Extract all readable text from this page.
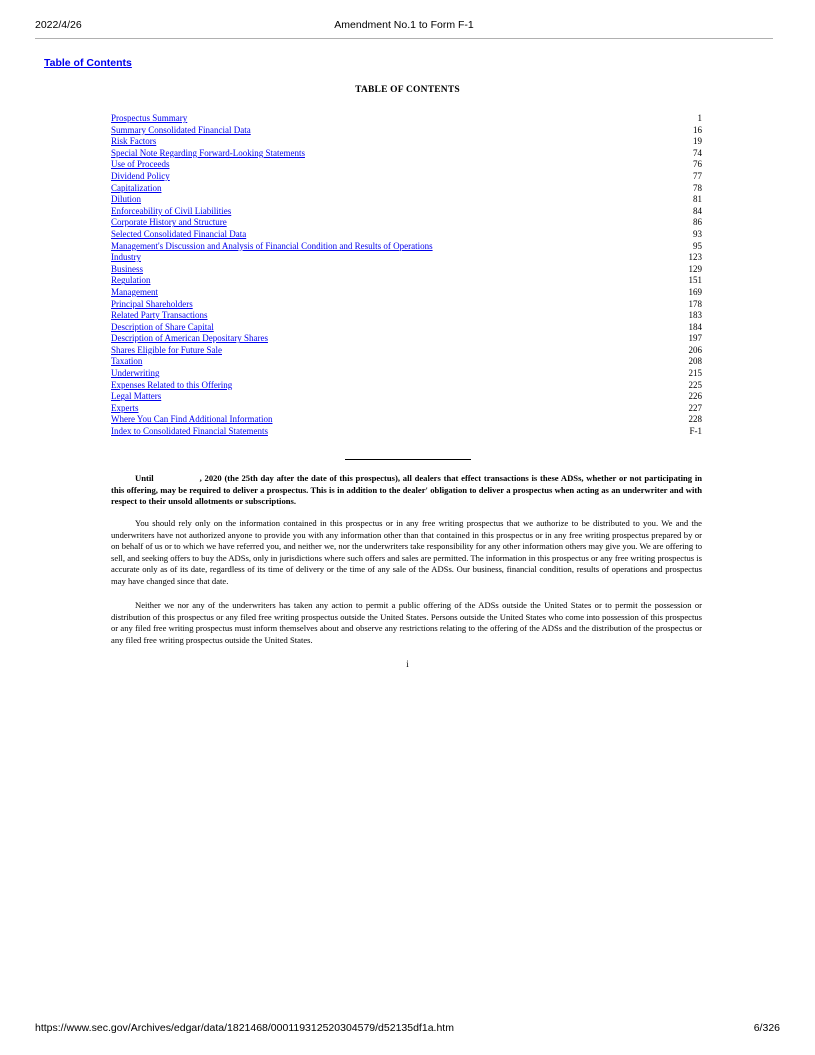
2022/4/26	Amendment No.1 to Form F-1
Table of Contents
TABLE OF CONTENTS
Prospectus Summary	1
Summary Consolidated Financial Data	16
Risk Factors	19
Special Note Regarding Forward-Looking Statements	74
Use of Proceeds	76
Dividend Policy	77
Capitalization	78
Dilution	81
Enforceability of Civil Liabilities	84
Corporate History and Structure	86
Selected Consolidated Financial Data	93
Management's Discussion and Analysis of Financial Condition and Results of Operations	95
Industry	123
Business	129
Regulation	151
Management	169
Principal Shareholders	178
Related Party Transactions	183
Description of Share Capital	184
Description of American Depositary Shares	197
Shares Eligible for Future Sale	206
Taxation	208
Underwriting	215
Expenses Related to this Offering	225
Legal Matters	226
Experts	227
Where You Can Find Additional Information	228
Index to Consolidated Financial Statements	F-1

Until	, 2020 (the 25th day after the date of this prospectus), all dealers that effect transactions is these ADSs, whether or not participating in this offering, may be required to deliver a prospectus. This is in addition to the dealer' obligation to deliver a prospectus when acting as an underwriter and with respect to their unsold allotments or subscriptions.

You should rely only on the information contained in this prospectus or in any free writing prospectus that we authorize to be distributed to you. We and the underwriters have not authorized anyone to provide you with any information other than that contained in this prospectus or in any free writing prospectus prepared by or on behalf of us or to which we have referred you, and neither we, nor the underwriters take responsibility for any other information others may give you. We are offering to sell, and seeking offers to buy the ADSs, only in jurisdictions where such offers and sales are permitted. The information in this prospectus or any free writing prospectus is accurate only as of its date, regardless of its time of delivery or the time of any sale of the ADSs. Our business, financial condition, results of operations and prospectus may have changed since that date.

Neither we nor any of the underwriters has taken any action to permit a public offering of the ADSs outside the United States or to permit the possession or distribution of this prospectus or any filed free writing prospectus outside the United States. Persons outside the United States who come into possession of this prospectus or any filed free writing prospectus must inform themselves about and observe any restrictions relating to the offering of the ADSs and the distribution of the prospectus or any filed free writing prospectus outside the United States.

i
https://www.sec.gov/Archives/edgar/data/1821468/000119312520304579/d52135df1a.htm	6/326
